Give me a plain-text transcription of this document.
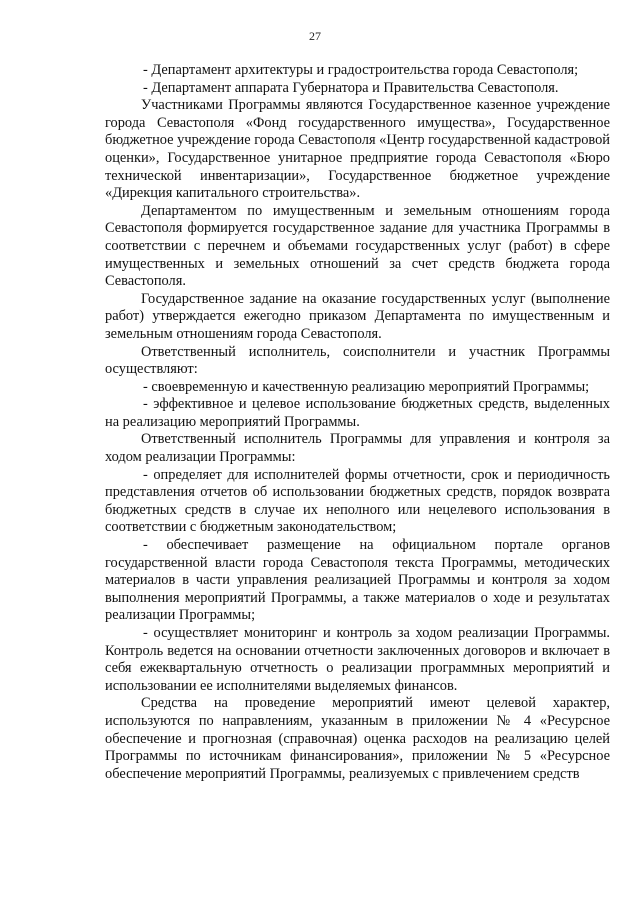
27

- Департамент архитектуры и градостроительства города Севастополя;

- Департамент аппарата Губернатора и Правительства Севастополя.

Участниками Программы являются Государственное казенное учреждение города Севастополя «Фонд государственного имущества», Государственное бюджетное учреждение города Севастополя «Центр государственной кадастровой оценки», Государственное унитарное предприятие города Севастополя «Бюро технической инвентаризации», Государственное бюджетное учреждение «Дирекция капитального строительства».

Департаментом по имущественным и земельным отношениям города Севастополя формируется государственное задание для участника Программы в соответствии с перечнем и объемами государственных услуг (работ) в сфере имущественных и земельных отношений за счет средств бюджета города Севастополя.

Государственное задание на оказание государственных услуг (выполнение работ) утверждается ежегодно приказом Департамента по имущественным и земельным отношениям города Севастополя.

Ответственный исполнитель, соисполнители и участник Программы осуществляют:

- своевременную и качественную реализацию мероприятий Программы;

- эффективное и целевое использование бюджетных средств, выделенных на реализацию мероприятий Программы.

Ответственный исполнитель Программы для управления и контроля за ходом реализации Программы:

- определяет для исполнителей формы отчетности, срок и периодичность представления отчетов об использовании бюджетных средств, порядок возврата бюджетных средств в случае их неполного или нецелевого использования в соответствии с бюджетным законодательством;

- обеспечивает размещение на официальном портале органов государственной власти города Севастополя текста Программы, методических материалов в части управления реализацией Программы и контроля за ходом выполнения мероприятий Программы, а также материалов о ходе и результатах реализации Программы;

- осуществляет мониторинг и контроль за ходом реализации Программы. Контроль ведется на основании отчетности заключенных договоров и включает в себя ежеквартальную отчетность о реализации программных мероприятий и использовании ее исполнителями выделяемых финансов.

Средства на проведение мероприятий имеют целевой характер, используются по направлениям, указанным в приложении № 4 «Ресурсное обеспечение и прогнозная (справочная) оценка расходов на реализацию целей Программы по источникам финансирования», приложении № 5 «Ресурсное обеспечение мероприятий Программы, реализуемых с привлечением средств
